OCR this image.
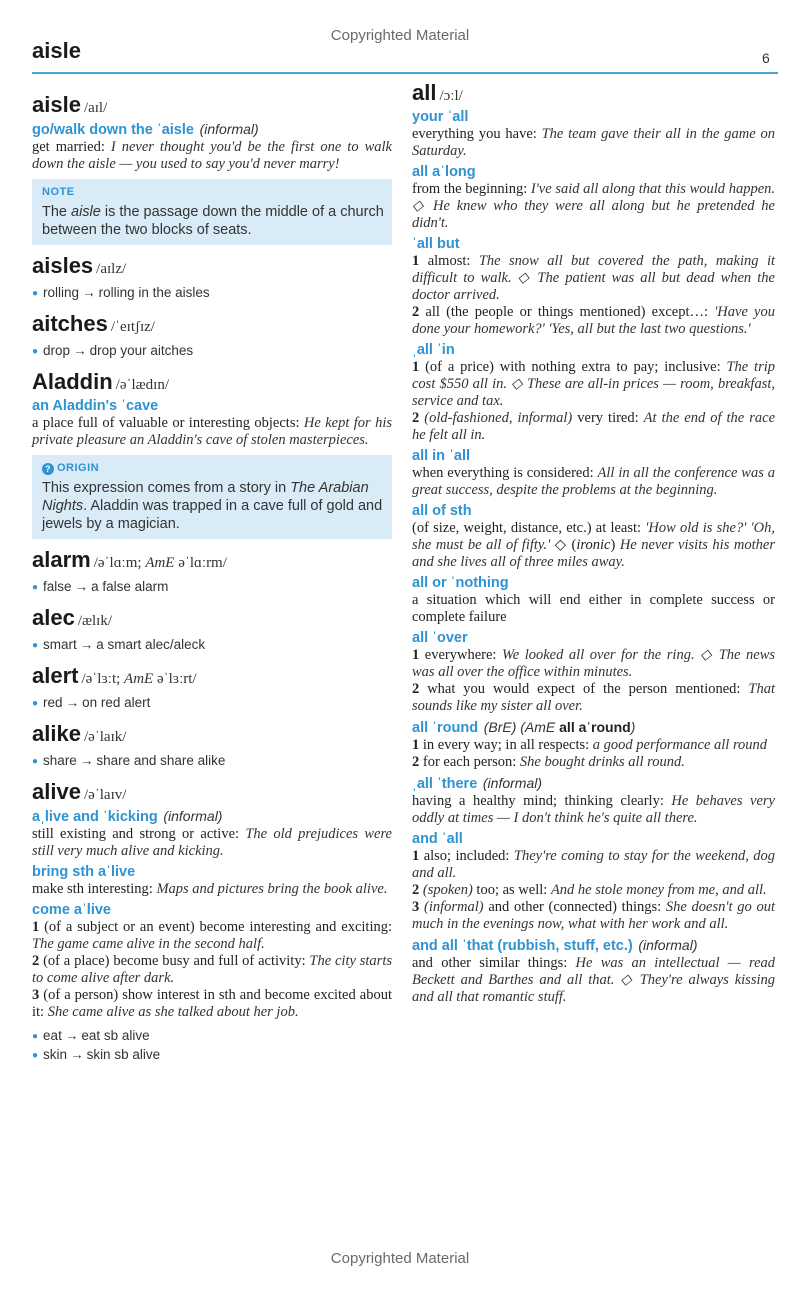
Copyrighted Material
aisle	6
aisle /aɪl/
go/walk down the ˈaisle (informal)
get married: I never thought you'd be the first one to walk down the aisle — you used to say you'd never marry!
NOTE
The aisle is the passage down the middle of a church between the two blocks of seats.
aisles /aɪlz/
● rolling → rolling in the aisles
aitches /ˈeɪtʃɪz/
● drop → drop your aitches
Aladdin /əˈlædɪn/
an Aladdin's ˈcave
a place full of valuable or interesting objects: He kept for his private pleasure an Aladdin's cave of stolen masterpieces.
? ORIGIN
This expression comes from a story in The Arabian Nights. Aladdin was trapped in a cave full of gold and jewels by a magician.
alarm /əˈlɑːm; AmE əˈlɑːrm/
● false → a false alarm
alec /ælɪk/
● smart → a smart alec/aleck
alert /əˈlɜːt; AmE əˈlɜːrt/
● red → on red alert
alike /əˈlaɪk/
● share → share and share alike
alive /əˈlaɪv/
aˌlive and ˈkicking (informal)
still existing and strong or active: The old prejudices were still very much alive and kicking.
bring sth aˈlive
make sth interesting: Maps and pictures bring the book alive.
come aˈlive
1 (of a subject or an event) become interesting and exciting: The game came alive in the second half.
2 (of a place) become busy and full of activity: The city starts to come alive after dark.
3 (of a person) show interest in sth and become excited about it: She came alive as she talked about her job.
● eat → eat sb alive
● skin → skin sb alive
all /ɔːl/
your ˈall
everything you have: The team gave their all in the game on Saturday.
all aˈlong
from the beginning: I've said all along that this would happen. ◇ He knew who they were all along but he pretended he didn't.
ˈall but
1 almost: The snow all but covered the path, making it difficult to walk. ◇ The patient was all but dead when the doctor arrived.
2 all (the people or things mentioned) except…: 'Have you done your homework?' 'Yes, all but the last two questions.'
ˌall ˈin
1 (of a price) with nothing extra to pay; inclusive: The trip cost $550 all in. ◇ These are all-in prices — room, breakfast, service and tax.
2 (old-fashioned, informal) very tired: At the end of the race he felt all in.
all in ˈall
when everything is considered: All in all the conference was a great success, despite the problems at the beginning.
all of sth
(of size, weight, distance, etc.) at least: 'How old is she?' 'Oh, she must be all of fifty.' ◇ (ironic) He never visits his mother and she lives all of three miles away.
all or ˈnothing
a situation which will end either in complete success or complete failure
all ˈover
1 everywhere: We looked all over for the ring. ◇ The news was all over the office within minutes.
2 what you would expect of the person mentioned: That sounds like my sister all over.
all ˈround (BrE) (AmE all aˈround)
1 in every way; in all respects: a good performance all round
2 for each person: She bought drinks all round.
ˌall ˈthere (informal)
having a healthy mind; thinking clearly: He behaves very oddly at times — I don't think he's quite all there.
and ˈall
1 also; included: They're coming to stay for the weekend, dog and all.
2 (spoken) too; as well: And he stole money from me, and all.
3 (informal) and other (connected) things: She doesn't go out much in the evenings now, what with her work and all.
and all ˈthat (rubbish, stuff, etc.) (informal)
and other similar things: He was an intellectual — read Beckett and Barthes and all that. ◇ They're always kissing and all that romantic stuff.
Copyrighted Material
